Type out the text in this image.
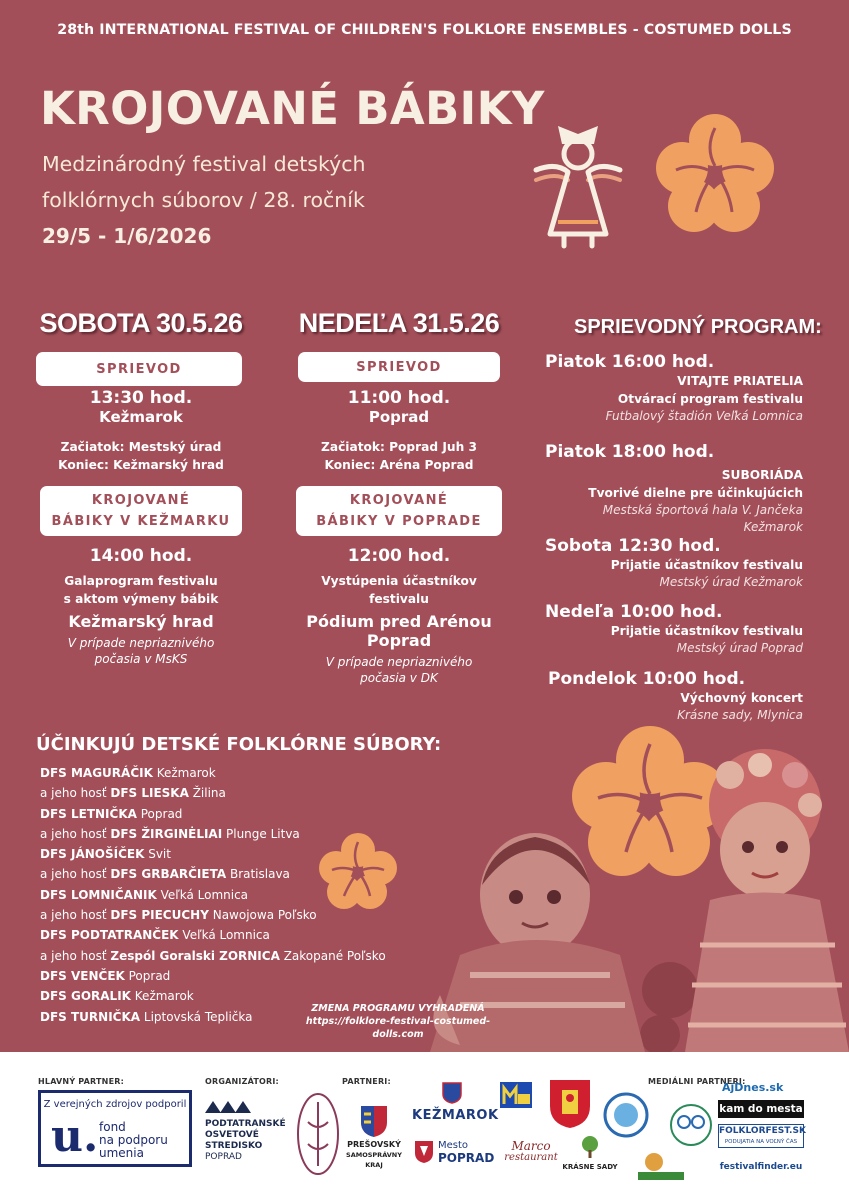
28th INTERNATIONAL FESTIVAL OF CHILDREN'S FOLKLORE ENSEMBLES - COSTUMED DOLLS
KROJOVANÉ BÁBIKY
Medzinárodný festival detských
folklórnych súborov / 28. ročník
29/5 - 1/6/2026
SOBOTA 30.5.26
SPRIEVOD
13:30 hod.
Kežmarok
Začiatok: Mestský úrad
Koniec: Kežmarský hrad
KROJOVANÉ
BÁBIKY V KEŽMARKU
14:00 hod.
Galaprogram festivalu
s aktom výmeny bábik
Kežmarský hrad
V prípade nepriaznivého
počasia v MsKS
NEDEĽA 31.5.26
SPRIEVOD
11:00 hod.
Poprad
Začiatok: Poprad Juh 3
Koniec: Aréna Poprad
KROJOVANÉ
BÁBIKY V POPRADE
12:00 hod.
Vystúpenia účastníkov
festivalu
Pódium pred Arénou Poprad
V prípade nepriaznivého
počasia v DK
SPRIEVODNÝ PROGRAM:
Piatok 16:00 hod.
VITAJTE PRIATELIA
Otvárací program festivalu
Futbalový štadión Veľká Lomnica
Piatok 18:00 hod.
SUBORIÁDA
Tvorivé dielne pre účinkujúcich
Mestská športová hala V. Jančeka Kežmarok
Sobota 12:30 hod.
Prijatie účastníkov festivalu
Mestský úrad Kežmarok
Nedeľa 10:00 hod.
Prijatie účastníkov festivalu
Mestský úrad Poprad
Pondelok 10:00 hod.
Výchovný koncert
Krásne sady, Mlynica
ÚČINKUJÚ DETSKÉ FOLKLÓRNE SÚBORY:
DFS MAGURÁČIK Kežmarok
a jeho hosť DFS LIESKA Žilina
DFS LETNIČKA Poprad
a jeho hosť DFS ŽIRGINĖLIAI Plunge Litva
DFS JÁNOŠÍČEK Svit
a jeho hosť DFS GRBARČIETA Bratislava
DFS LOMNIČANIK Veľká Lomnica
a jeho hosť DFS PIECUCHY Nawojowa Poľsko
DFS PODTATRANČEK Veľká Lomnica
a jeho hosť Zespól Goralski ZORNICA Zakopané Poľsko
DFS VENČEK Poprad
DFS GORALIK Kežmarok
DFS TURNIČKA Liptovská Teplička
ZMENA PROGRAMU VYHRADENÁ
https://folklore-festival-costumed-dolls.com
HLAVNÝ PARTNER:
Z verejných zdrojov podporil
u. fond
na podporu
umenia
ORGANIZÁTORI:
PODTATRANSKÉ
OSVETOVÉ
STREDISKO
POPRAD
PARTNERI:
PREŠOVSKÝ
SAMOSPRÁVNY KRAJ
KEŽMAROK
Mesto
POPRAD
Marco
restaurant
KRÁSNE SADY
MEDIÁLNI PARTNERI:
AjDnes.sk
kam do mesta
FOLKLORFEST.SK
PODUJATIA NA VOĽNÝ ČAS
festivalfinder.eu
